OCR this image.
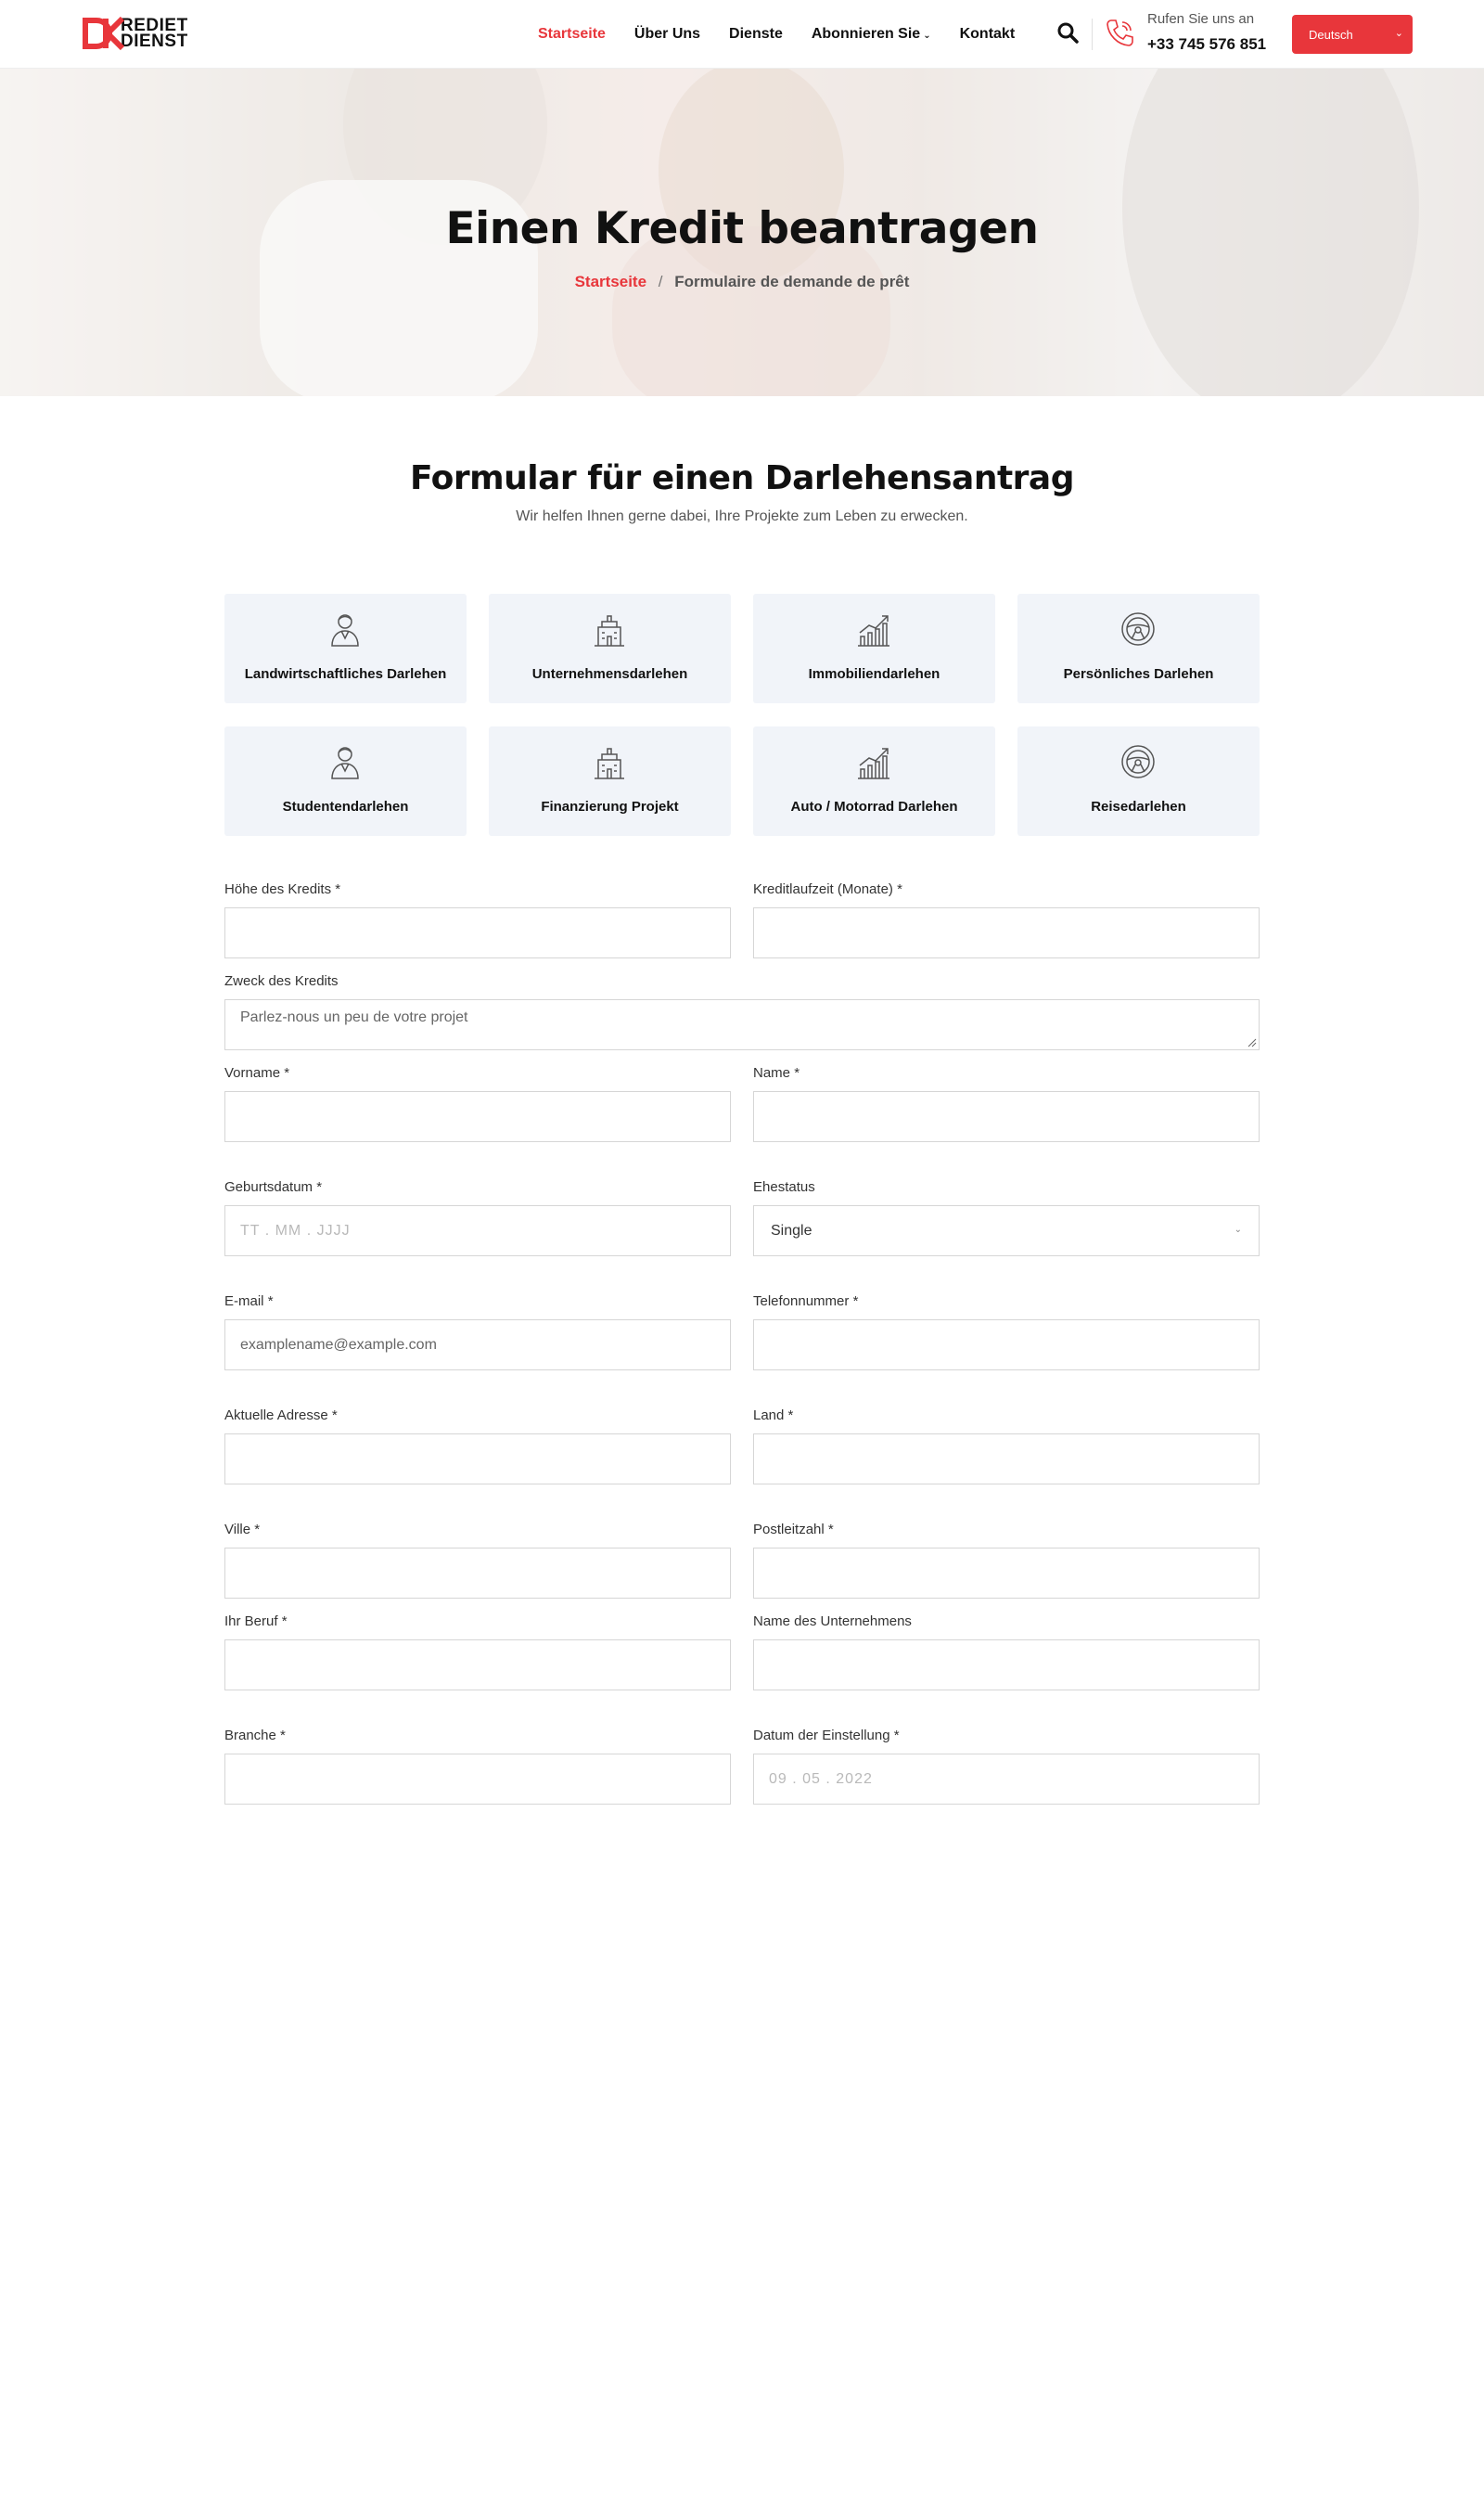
REDIET
DIENST	Startseite Über Uns Dienste Abonnieren Sie ⌄ Kontakt
Rufen Sie uns an
+33 745 576 851
Deutsch	⌄
Einen Kredit beantragen
Startseite / Formulaire de demande de prêt
Formular für einen Darlehensantrag
Wir helfen Ihnen gerne dabei, Ihre Projekte zum Leben zu erwecken.
Landwirtschaftliches Darlehen	Unternehmensdarlehen	Immobiliendarlehen	Persönliches Darlehen
Studentendarlehen	Finanzierung Projekt	Auto / Motorrad Darlehen	Reisedarlehen
Höhe des Kredits *	Kreditlaufzeit (Monate) *
Zweck des Kredits
Parlez-nous un peu de votre projet
Vorname *	Name *
Geburtsdatum *
TT . MM . JJJJ
Ehestatus
Single	⌄
E-mail *
examplename@example.com
Telefonnummer *
Aktuelle Adresse *	Land *
Ville *	Postleitzahl *
Ihr Beruf *	Name des Unternehmens
Branche *	Datum der Einstellung *
09 . 05 . 2022
